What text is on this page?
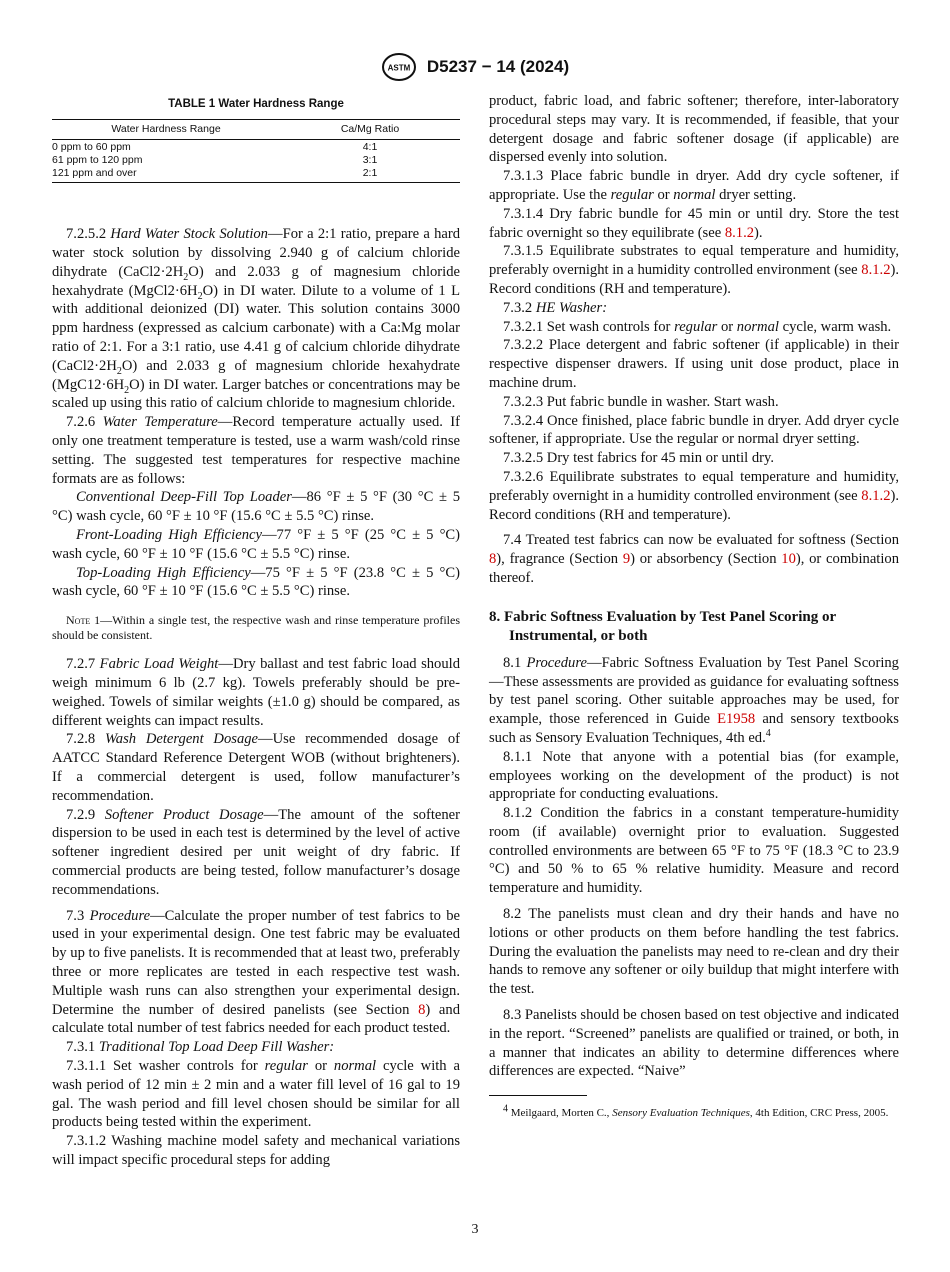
ASTM D5237 − 14 (2024)
TABLE 1 Water Hardness Range
Water Hardness Range	Ca/Mg Ratio

0 ppm to 60 ppm	4:1
61 ppm to 120 ppm	3:1
121 ppm and over	2:1

7.2.5.2 Hard Water Stock Solution—For a 2:1 ratio, prepare a hard water stock solution by dissolving 2.940 g of calcium chloride dihydrate $(CaCl2\cdot 2H_2O)$ and 2.033 g of magnesium chloride hexahydrate $(MgCl2\cdot 6H_2O)$ in DI water. Dilute to a volume of 1 L with additional deionized (DI) water. This solution contains 3000 ppm hardness (expressed as calcium carbonate) with a Ca:Mg molar ratio of 2:1. For a 3:1 ratio, use 4.41 g of calcium chloride dihydrate $(CaCl2\cdot 2H_2O)$ and 2.033 g of magnesium chloride hexahydrate $(MgC12\cdot 6H_2O)$ in DI water. Larger batches or concentrations may be scaled up using this ratio of calcium chloride to magnesium chloride.

7.2.6 Water Temperature—Record temperature actually used. If only one treatment temperature is tested, use a warm wash/cold rinse setting. The suggested test temperatures for respective machine formats are as follows:

Conventional Deep-Fill Top Loader—86 °F ± 5 °F (30 °C ± 5 °C) wash cycle, 60 °F ± 10 °F (15.6 °C ± 5.5 °C) rinse.

Front-Loading High Efficiency—77 °F ± 5 °F (25 °C ± 5 °C) wash cycle, 60 °F ± 10 °F (15.6 °C ± 5.5 °C) rinse.

Top-Loading High Efficiency—75 °F ± 5 °F (23.8 °C ± 5 °C) wash cycle, 60 °F ± 10 °F (15.6 °C ± 5.5 °C) rinse.

Note 1—Within a single test, the respective wash and rinse temperature profiles should be consistent.

7.2.7 Fabric Load Weight—Dry ballast and test fabric load should weigh minimum 6 lb (2.7 kg). Towels preferably should be pre-weighed. Towels of similar weights (±1.0 g) should be compared, as different weights can impact results.

7.2.8 Wash Detergent Dosage—Use recommended dosage of AATCC Standard Reference Detergent WOB (without brighteners). If a commercial detergent is used, follow manufacturer’s recommendation.

7.2.9 Softener Product Dosage—The amount of the softener dispersion to be used in each test is determined by the level of active softener ingredient desired per unit weight of dry fabric. If commercial products are being tested, follow manufacturer’s dosage recommendations.

7.3 Procedure—Calculate the proper number of test fabrics to be used in your experimental design. One test fabric may be evaluated by up to five panelists. It is recommended that at least two, preferably three or more replicates are tested in each respective test wash. Multiple wash runs can also strengthen your experimental design. Determine the number of desired panelists (see Section 8) and calculate total number of test fabrics needed for each product tested.

7.3.1 Traditional Top Load Deep Fill Washer:

7.3.1.1 Set washer controls for regular or normal cycle with a wash period of 12 min ± 2 min and a water fill level of 16 gal to 19 gal. The wash period and fill level chosen should be similar for all products being tested within the experiment.

7.3.1.2 Washing machine model safety and mechanical variations will impact specific procedural steps for adding

product, fabric load, and fabric softener; therefore, inter-laboratory procedural steps may vary. It is recommended, if feasible, that your detergent dosage and fabric softener dosage (if applicable) are dispersed evenly into solution.

7.3.1.3 Place fabric bundle in dryer. Add dry cycle softener, if appropriate. Use the regular or normal dryer setting.

7.3.1.4 Dry fabric bundle for 45 min or until dry. Store the test fabric overnight so they equilibrate (see 8.1.2).

7.3.1.5 Equilibrate substrates to equal temperature and humidity, preferably overnight in a humidity controlled environment (see 8.1.2). Record conditions (RH and temperature).

7.3.2 HE Washer:

7.3.2.1 Set wash controls for regular or normal cycle, warm wash.

7.3.2.2 Place detergent and fabric softener (if applicable) in their respective dispenser drawers. If using unit dose product, place in machine drum.

7.3.2.3 Put fabric bundle in washer. Start wash.

7.3.2.4 Once finished, place fabric bundle in dryer. Add dryer cycle softener, if appropriate. Use the regular or normal dryer setting.

7.3.2.5 Dry test fabrics for 45 min or until dry.

7.3.2.6 Equilibrate substrates to equal temperature and humidity, preferably overnight in a humidity controlled environment (see 8.1.2). Record conditions (RH and temperature).

7.4 Treated test fabrics can now be evaluated for softness (Section 8), fragrance (Section 9) or absorbency (Section 10), or combination thereof.

8. Fabric Softness Evaluation by Test Panel Scoring or Instrumental, or both

8.1 Procedure—Fabric Softness Evaluation by Test Panel Scoring—These assessments are provided as guidance for evaluating softness by test panel scoring. Other suitable approaches may be used, for example, those referenced in Guide E1958 and sensory textbooks such as Sensory Evaluation Techniques, 4th ed.$^4$

8.1.1 Note that anyone with a potential bias (for example, employees working on the development of the product) is not appropriate for conducting evaluations.

8.1.2 Condition the fabrics in a constant temperature-humidity room (if available) overnight prior to evaluation. Suggested controlled environments are between 65 °F to 75 °F (18.3 °C to 23.9 °C) and 50 % to 65 % relative humidity. Measure and record temperature and humidity.

8.2 The panelists must clean and dry their hands and have no lotions or other products on them before handling the test fabrics. During the evaluation the panelists may need to re-clean and dry their hands to remove any softener or oily buildup that might interfere with the test.

8.3 Panelists should be chosen based on test objective and indicated in the report. “Screened” panelists are qualified or trained, or both, in a manner that indicates an ability to determine differences where differences are expected. “Naive”

$^4$ Meilgaard, Morten C., Sensory Evaluation Techniques, 4th Edition, CRC Press, 2005.

3
